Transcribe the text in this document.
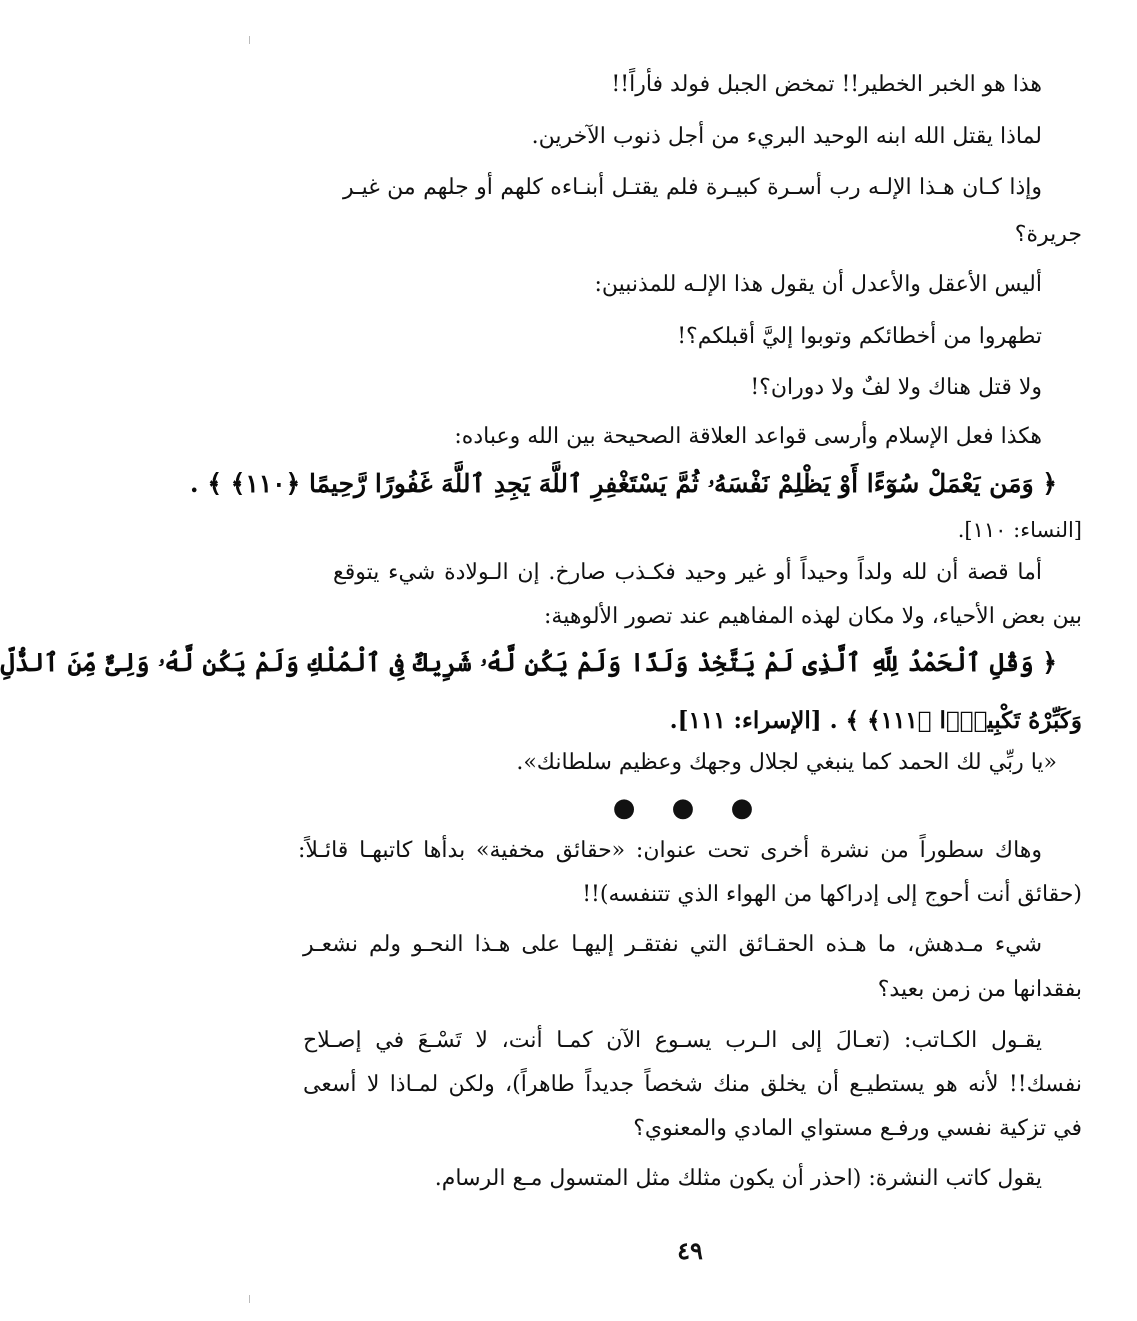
هذا هو الخبر الخطير!! تمخض الجبل فولد فأراً!!
لماذا يقتل الله ابنه الوحيد البريء من أجل ذنوب الآخرين.
وإذا كـان هـذا الإلـه رب أسـرة كبيـرة فلم يقتـل أبنـاءه كلهم أو جلهم من غيـر
جريرة؟
أليس الأعقل والأعدل أن يقول هذا الإلـه للمذنبين:
تطهروا من أخطائكم وتوبوا إليَّ أقبلكم؟!
ولا قتل هناك ولا لفٌ ولا دوران؟!
هكذا فعل الإسلام وأرسى قواعد العلاقة الصحيحة بين الله وعباده:
﴿ وَمَن يَعْمَلْ سُوٓءًا أَوْ يَظْلِمْ نَفْسَهُۥ ثُمَّ يَسْتَغْفِرِ ٱللَّهَ يَجِدِ ٱللَّهَ غَفُورًا رَّحِيمًا ﴿١١٠﴾ ﴾ .
[النساء: ١١٠].
أما قصة أن لله ولداً وحيداً أو غير وحيد فكـذب صارخ. إن الـولادة شيء يتوقع
بين بعض الأحياء، ولا مكان لهذه المفاهيم عند تصور الألوهية:
﴿ وَقُلِ ٱلْحَمْدُ لِلَّهِ ٱلَّذِى لَمْ يَتَّخِذْ وَلَدًا وَلَمْ يَكُن لَّهُۥ شَرِيكٌ فِى ٱلْمُلْكِ وَلَمْ يَكُن لَّهُۥ وَلِىٌّ مِّنَ ٱلذُّلِّ
وَكَبِّرْهُ تَكْبِيرًۢا ﴿١١١﴾ ﴾ . [الإسراء: ١١١].
«يا ربِّي لك الحمد كما ينبغي لجلال وجهك وعظيم سلطانك».
● ● ●
وهاك سطوراً من نشرة أخرى تحت عنوان: «حقائق مخفية» بدأها كاتبهـا قائـلاً:
(حقائق أنت أحوج إلى إدراكها من الهواء الذي تتنفسه)!!
شيء مـدهش، ما هـذه الحقـائق التي نفتقـر إليهـا على هـذا النحـو ولم نشعـر
بفقدانها من زمن بعيد؟
يقـول الكـاتب: (تعـالَ إلى الـرب يسـوع الآن كمـا أنت، لا تَسْـعَ في إصـلاح
نفسك!! لأنه هو يستطيـع أن يخلق منك شخصاً جديداً طاهراً)، ولكن لمـاذا لا أسعى
في تزكية نفسي ورفـع مستواي المادي والمعنوي؟
يقول كاتب النشرة: (احذر أن يكون مثلك مثل المتسول مـع الرسام.
٤٩
